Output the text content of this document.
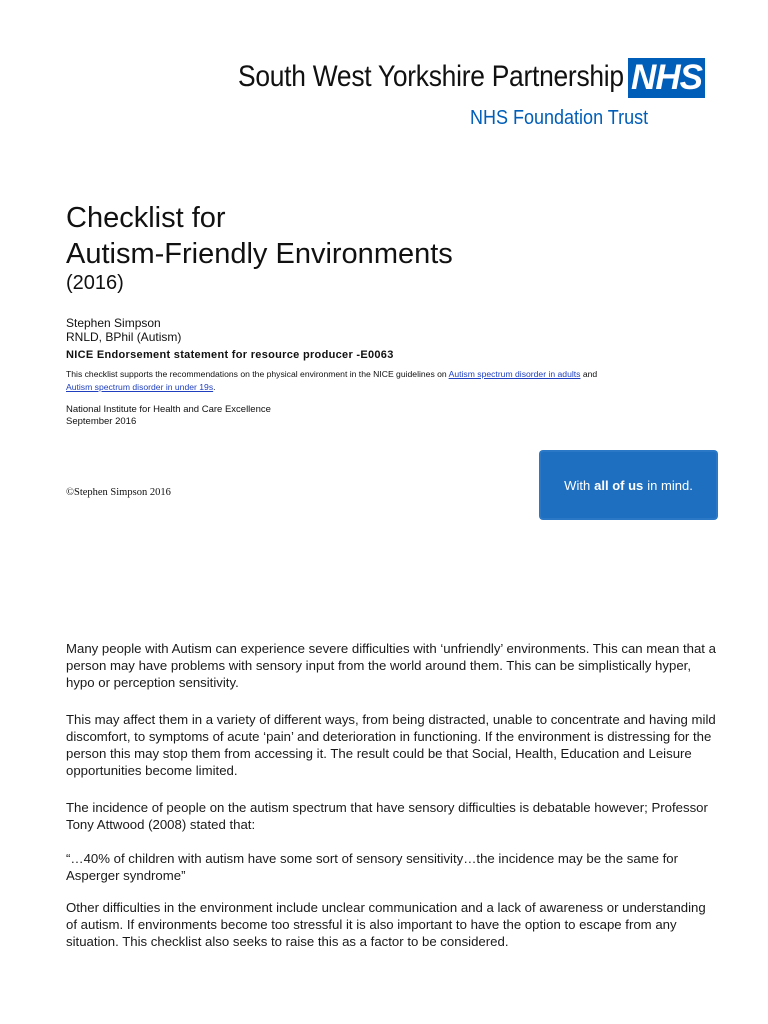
South West Yorkshire Partnership NHS
NHS Foundation Trust
Checklist for
Autism-Friendly Environments
(2016)
Stephen Simpson
RNLD, BPhil (Autism)
NICE Endorsement statement for resource producer -E0063
This checklist supports the recommendations on the physical environment in the NICE guidelines on Autism spectrum disorder in adults and
Autism spectrum disorder in under 19s.
National Institute for Health and Care Excellence
September 2016
©Stephen Simpson 2016	With all of us in mind.
Many people with Autism can experience severe difficulties with ‘unfriendly’ environments. This can mean that a person may have problems with sensory input from the world around them. This can be simplistically hyper, hypo or perception sensitivity.
This may affect them in a variety of different ways, from being distracted, unable to concentrate and having mild discomfort, to symptoms of acute ‘pain’ and deterioration in functioning. If the environment is distressing for the person this may stop them from accessing it. The result could be that Social, Health, Education and Leisure opportunities become limited.
The incidence of people on the autism spectrum that have sensory difficulties is debatable however; Professor Tony Attwood (2008) stated that:
“…40% of children with autism have some sort of sensory sensitivity…the incidence may be the same for Asperger syndrome”
Other difficulties in the environment include unclear communication and a lack of awareness or understanding of autism. If environments become too stressful it is also important to have the option to escape from any situation. This checklist also seeks to raise this as a factor to be considered.
